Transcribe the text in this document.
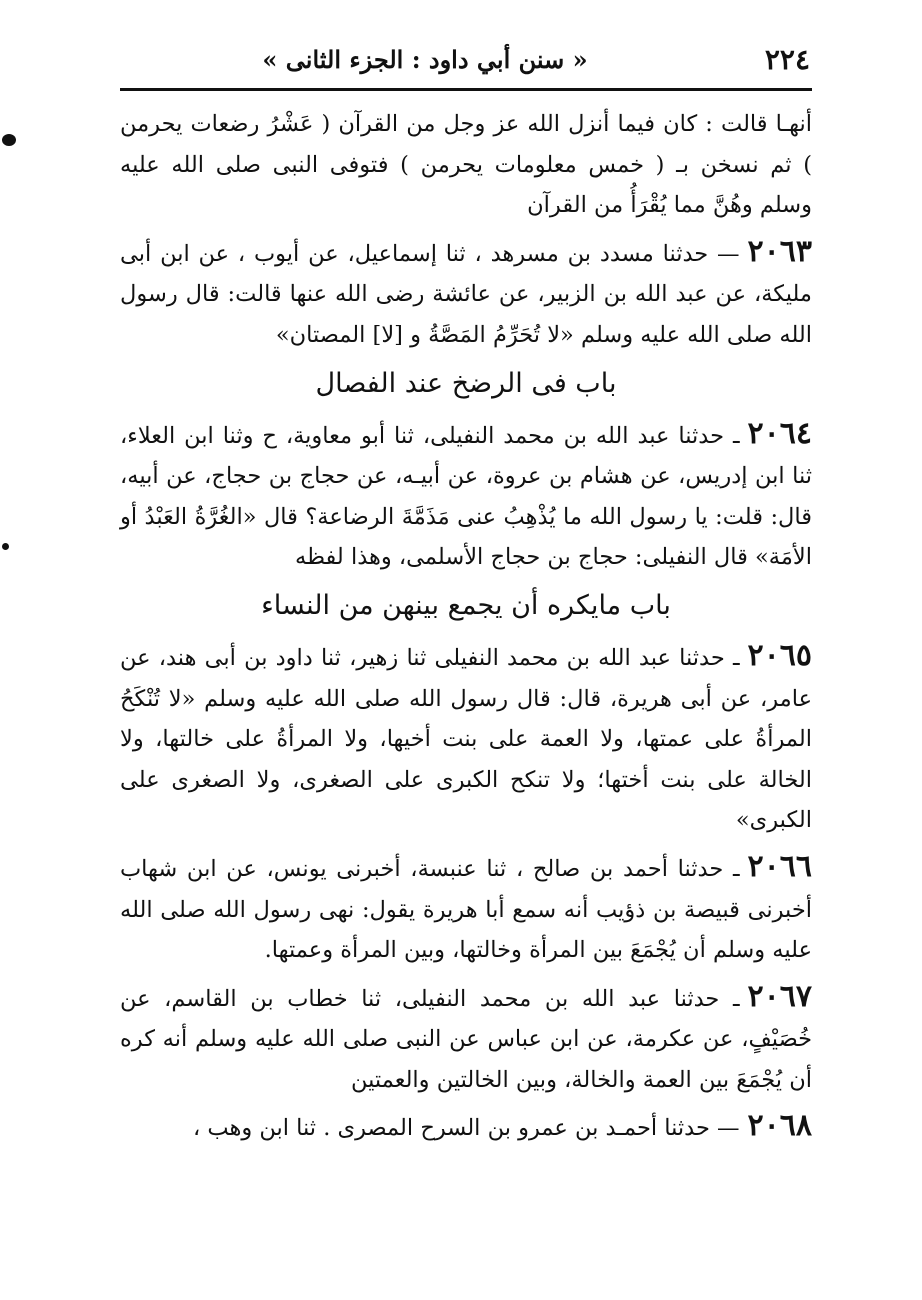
٢٢٤
« سنن أبي داود : الجزء الثانى »

أنهـا قالت : كان فيما أنزل الله عز وجل من القرآن ( عَشْرُ رضعات يحرمن ) ثم نسخن بـ ( خمس معلومات يحرمن ) فتوفى النبى صلى الله عليه وسلم وهُنَّ مما يُقْرَأُ من القرآن

٢٠٦٣— حدثنا مسدد بن مسرهد ، ثنا إسماعيل، عن أيوب ، عن ابن أبى مليكة، عن عبد الله بن الزبير، عن عائشة رضى الله عنها قالت: قال رسول الله صلى الله عليه وسلم «لا تُحَرِّمُ المَصَّةُ و [لا] المصتان»

باب فى الرضخ عند الفصال

٢٠٦٤ـ حدثنا عبد الله بن محمد النفيلى، ثنا أبو معاوية، ح وثنا ابن العلاء، ثنا ابن إدريس، عن هشام بن عروة، عن أبيـه، عن حجاج بن حجاج، عن أبيه، قال: قلت: يا رسول الله ما يُذْهِبُ عنى مَذَمَّةَ الرضاعة؟ قال «الغُرَّةُ العَبْدُ أو الأمَة» قال النفيلى: حجاج بن حجاج الأسلمى، وهذا لفظه

باب مايكره أن يجمع بينهن من النساء

٢٠٦٥ـ حدثنا عبد الله بن محمد النفيلى ثنا زهير، ثنا داود بن أبى هند، عن عامر، عن أبى هريرة، قال: قال رسول الله صلى الله عليه وسلم «لا تُنْكَحُ المرأةُ على عمتها، ولا العمة على بنت أخيها، ولا المرأةُ على خالتها، ولا الخالة على بنت أختها؛ ولا تنكح الكبرى على الصغرى، ولا الصغرى على الكبرى»

٢٠٦٦ـ حدثنا أحمد بن صالح ، ثنا عنبسة، أخبرنى يونس، عن ابن شهاب أخبرنى قبيصة بن ذؤيب أنه سمع أبا هريرة يقول: نهى رسول الله صلى الله عليه وسلم أن يُجْمَعَ بين المرأة وخالتها، وبين المرأة وعمتها.

٢٠٦٧ـ حدثنا عبد الله بن محمد النفيلى، ثنا خطاب بن القاسم، عن خُصَيْفٍ، عن عكرمة، عن ابن عباس عن النبى صلى الله عليه وسلم أنه كره أن يُجْمَعَ بين العمة والخالة، وبين الخالتين والعمتين

٢٠٦٨— حدثنا أحمـد بن عمرو بن السرح المصرى . ثنا ابن وهب ،
